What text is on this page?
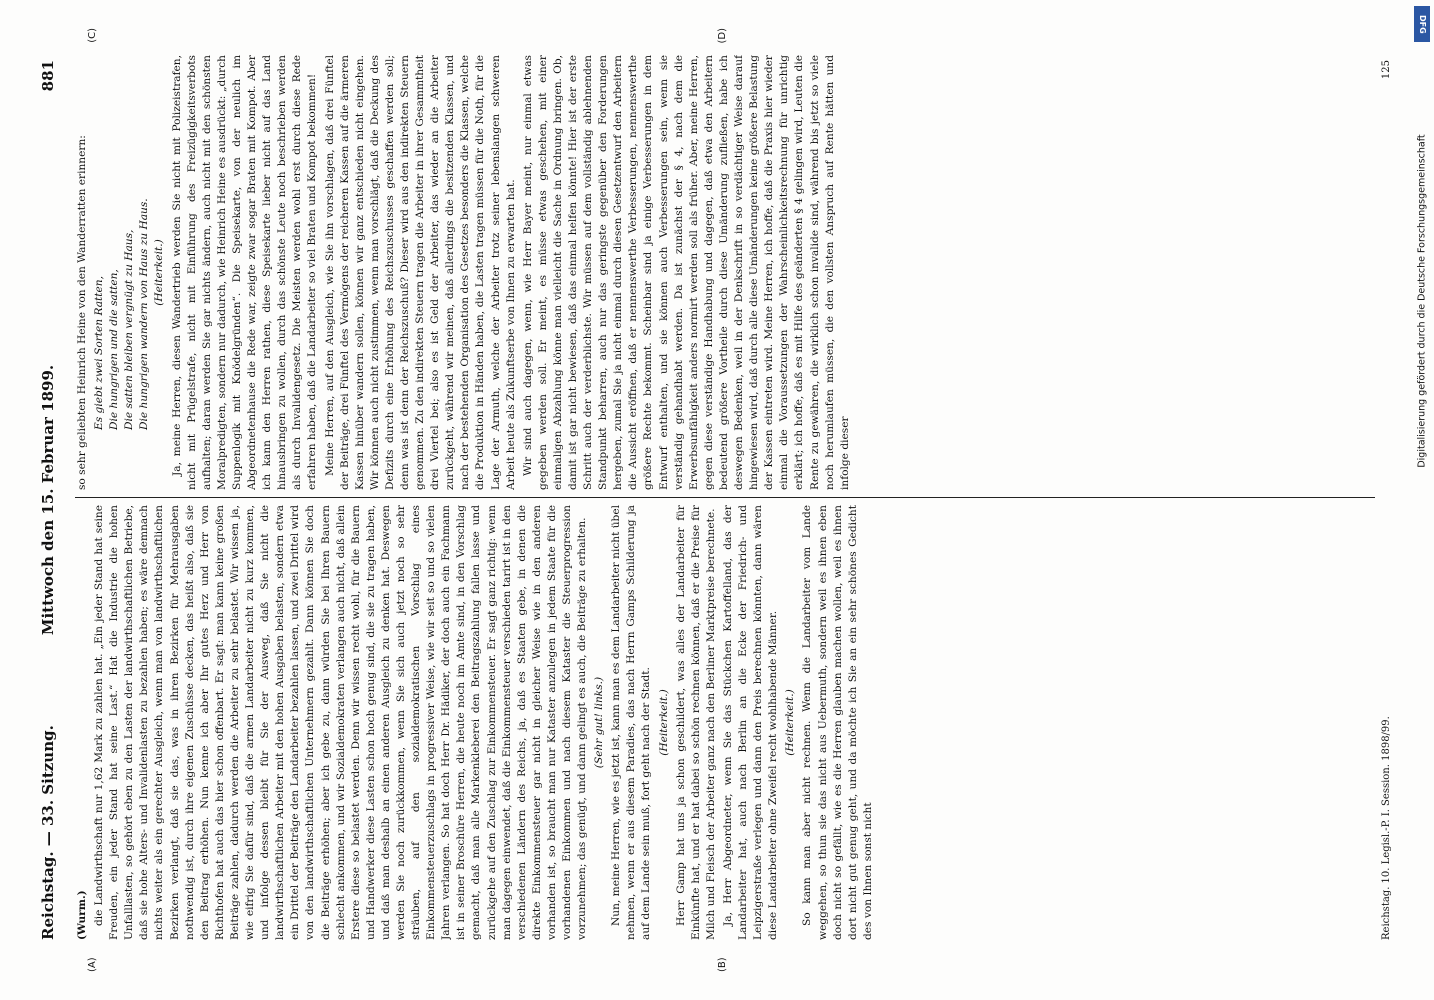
Reichstag. — 33. Sitzung.
Mittwoch den 15. Februar 1899.
881
(A)	(B)
(C)	(D)

(Wurm.) die Landwirthschaft nur 1,62 Mark zu zahlen hat. „Ein jeder Stand hat seine Freuden, ein jeder Stand hat seine Last.“ Hat die Industrie die hohen Unfalllasten, so gehört eben zu den Lasten der landwirthschaftlichen Betriebe, daß sie hohe Alters- und Invalidenlasten zu bezahlen haben; es wäre demnach nichts weiter als ein gerechter Ausgleich, wenn man von landwirthschaftlichen Bezirken verlangt, daß sie das, was in ihren Bezirken für Mehrausgaben nothwendig ist, durch ihre eigenen Zuschüsse decken, das heißt also, daß sie den Beitrag erhöhen. Nun kenne ich aber Ihr gutes Herz und Herr von Richthofen hat auch das hier schon offenbart. Er sagt: man kann keine großen Beiträge zahlen, dadurch werden die Arbeiter zu sehr belastet. Wir wissen ja, wie eifrig Sie dafür sind, daß die armen Landarbeiter nicht zu kurz kommen, und infolge dessen bleibt für Sie der Ausweg, daß Sie nicht die landwirthschaftlichen Arbeiter mit den hohen Ausgaben belasten, sondern etwa ein Drittel der Beiträge den Landarbeiter bezahlen lassen, und zwei Drittel wird von den landwirthschaftlichen Unternehmern gezahlt. Dann können Sie doch die Beiträge erhöhen; aber ich gebe zu, dann würden Sie bei Ihren Bauern schlecht ankommen, und wir Sozialdemokraten verlangen auch nicht, daß allein Erstere diese so belastet werden. Denn wir wissen recht wohl, für die Bauern und Handwerker diese Lasten schon hoch genug sind, die sie zu tragen haben, und daß man deshalb an einen anderen Ausgleich zu denken hat. Deswegen werden Sie noch zurückkommen, wenn Sie sich auch jetzt noch so sehr sträuben, auf den sozialdemokratischen Vorschlag eines Einkommensteuerzuschlags in progressiver Weise, wie wir seit so und so vielen Jahren verlangen. So hat doch Herr Dr. Hädiker, der doch auch ein Fachmann ist in seiner Broschüre Herren, die heute noch im Amte sind, in den Vorschlag gemacht, daß man alle Markenkleberei den Beitragszahlung fallen lasse und zurückgehe auf den Zuschlag zur Einkommensteuer. Er sagt ganz richtig: wenn man dagegen einwendet, daß die Einkommensteuer verschieden tarirt ist in den verschiedenen Ländern des Reichs, ja, daß es Staaten gebe, in denen die direkte Einkommensteuer gar nicht in gleicher Weise wie in den anderen vorhanden ist, so braucht man nur Kataster anzulegen in jedem Staate für die vorhandenen Einkommen und nach diesem Kataster die Steuerprogression vorzunehmen; das genügt, und dann gelingt es auch, die Beiträge zu erhalten. (Sehr gut! links.) Nun, meine Herren, wie es jetzt ist, kann man es dem Landarbeiter nicht übel nehmen, wenn er aus diesem Paradies, das nach Herrn Gamps Schilderung ja auf dem Lande sein muß, fort geht nach der Stadt. (Heiterkeit.) Herr Gamp hat uns ja schon geschildert, was alles der Landarbeiter für Einkünfte hat, und er hat dabei so schön rechnen können, daß er die Preise für Milch und Fleisch der Arbeiter ganz nach den Berliner Marktpreise berechnete. Ja, Herr Abgeordneter, wenn Sie das Stückchen Kartoffelland, das der Landarbeiter hat, auch nach Berlin an die Ecke der Friedrich- und Leipzigerstraße verlegen und dann den Preis berechnen könnten, dann wären diese Landarbeiter ohne Zweifel recht wohlhabende Männer. (Heiterkeit.) So kann man aber nicht rechnen. Wenn die Landarbeiter vom Lande weggehen, so thun sie das nicht aus Uebermuth, sondern weil es ihnen eben doch nicht so gefällt, wie es die Herren glauben machen wollen, weil es ihnen dort nicht gut genug geht, und da möchte ich Sie an ein sehr schönes Gedicht des von Ihnen sonst nicht

so sehr geliebten Heinrich Heine von den Wanderratten erinnern: Es giebt zwei Sorten Ratten, Die hungrigen und die satten, Die satten bleiben vergnügt zu Haus, Die hungrigen wandern von Haus zu Haus. (Heiterkeit.) Ja, meine Herren, diesen Wandertrieb werden Sie nicht mit Polizeistrafen, nicht mit Prügelstrafe, nicht mit Einführung des Freizügigkeitsverbots aufhalten; daran werden Sie gar nichts ändern, auch nicht mit den schönsten Moralpredigten, sondern nur dadurch, wie Heinrich Heine es ausdrückt: „durch Suppenlogik mit Knödelgründen“. Die Speisekarte, von der neulich im Abgeordnetenhause die Rede war, zeigte zwar sogar Braten mit Kompot. Aber ich kann den Herren rathen, diese Speisekarte lieber nicht auf das Land hinausbringen zu wollen, durch das schönste Leute noch beschrieben werden als durch Invalidengesetz. Die Meisten werden wohl erst durch diese Rede erfahren haben, daß die Landarbeiter so viel Braten und Kompot bekommen! Meine Herren, auf den Ausgleich, wie Sie ihn vorschlagen, daß drei Fünftel der Beiträge, drei Fünftel des Vermögens der reicheren Kassen auf die ärmeren Kassen hinüber wandern sollen, können wir ganz entschieden nicht eingehen. Wir können auch nicht zustimmen, wenn man vorschlägt, daß die Deckung des Defizits durch eine Erhöhung des Reichszuschusses geschaffen werden soll; denn was ist denn der Reichszuschuß? Dieser wird aus den indirekten Steuern genommen. Zu den indirekten Steuern tragen die Arbeiter in ihrer Gesammtheit drei Viertel bei; also es ist Geld der Arbeiter, das wieder an die Arbeiter zurückgeht, während wir meinen, daß allerdings die besitzenden Klassen, und nach der bestehenden Organisation des Gesetzes besonders die Klassen, welche die Produktion in Händen haben, die Lasten tragen müssen für die Noth, für die Lage der Armuth, welche der Arbeiter trotz seiner lebenslangen schweren Arbeit heute als Zukunftserbe von Ihnen zu erwarten hat. Wir sind auch dagegen, wenn, wie Herr Bayer meint, nur einmal etwas gegeben werden soll. Er meint, es müsse etwas geschehen, mit einer einmaligen Abzahlung könne man vielleicht die Sache in Ordnung bringen. Ob, damit ist gar nicht bewiesen, daß das einmal helfen könnte! Hier ist der erste Schritt auch der verderblichste. Wir müssen auf dem vollständig ablehnenden Standpunkt beharren, auch nur das geringste gegenüber den Forderungen hergeben, zumal Sie ja nicht einmal durch diesen Gesetzentwurf den Arbeitern die Aussicht eröffnen, daß er nennenswerthe Verbesserungen, nennenswerthe größere Rechte bekommt. Scheinbar sind ja einige Verbesserungen in dem Entwurf enthalten, und sie können auch Verbesserungen sein, wenn sie verständig gehandhabt werden. Da ist zunächst der § 4, nach dem die Erwerbsunfähigkeit anders normirt werden soll als früher. Aber, meine Herren, gegen diese verständige Handhabung und dagegen, daß etwa den Arbeitern bedeutend größere Vortheile durch diese Umänderung zufließen, habe ich deswegen Bedenken, weil in der Denkschrift in so verdächtiger Weise darauf hingewiesen wird, daß durch alle diese Umänderungen keine größere Belastung der Kassen eintreten wird. Meine Herren, ich hoffe, daß die Praxis hier wieder einmal die Voraussetzungen der Wahrscheinlichkeitsrechnung für unrichtig erklärt; ich hoffe, daß es mit Hilfe des geänderten § 4 gelingen wird, Leuten die Rente zu gewähren, die wirklich schon invalide sind, während bis jetzt so viele noch herumlaufen müssen, die den vollsten Anspruch auf Rente hätten und infolge dieser

Reichstag. 10. Legisl.-P. I. Session. 1898/99.
125
Digitalisierung gefördert durch die Deutsche Forschungsgemeinschaft
DFG
